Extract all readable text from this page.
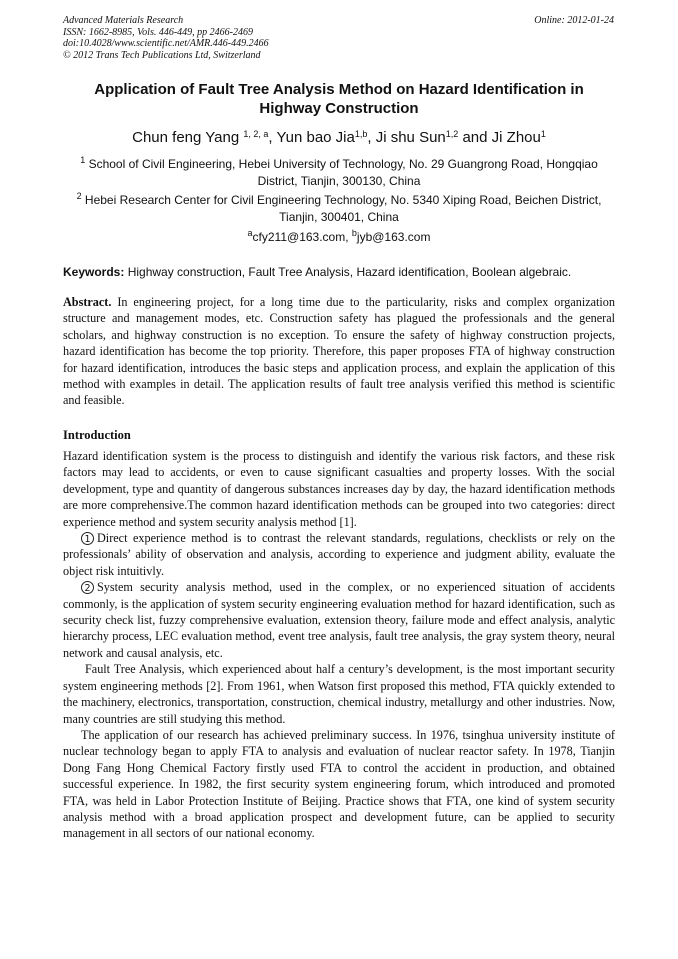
Advanced Materials Research
ISSN: 1662-8985, Vols. 446-449, pp 2466-2469
doi:10.4028/www.scientific.net/AMR.446-449.2466
© 2012 Trans Tech Publications Ltd, Switzerland
Online: 2012-01-24
Application of Fault Tree Analysis Method on Hazard Identification in Highway Construction
Chun feng Yang $^{1, 2, a}$, Yun bao Jia$^{1,b}$, Ji shu Sun$^{1,2}$ and Ji Zhou$^1$
$^1$ School of Civil Engineering, Hebei University of Technology, No. 29 Guangrong Road, Hongqiao District, Tianjin, 300130, China
$^2$ Hebei Research Center for Civil Engineering Technology, No. 5340 Xiping Road, Beichen District, Tianjin, 300401, China
$^a$cfy211@163.com, $^b$jyb@163.com
Keywords: Highway construction, Fault Tree Analysis, Hazard identification, Boolean algebraic.
Abstract. In engineering project, for a long time due to the particularity, risks and complex organization structure and management modes, etc. Construction safety has plagued the professionals and the general scholars, and highway construction is no exception. To ensure the safety of highway construction projects, hazard identification has become the top priority. Therefore, this paper proposes FTA of highway construction for hazard identification, introduces the basic steps and application process, and explain the application of this method with examples in detail. The application results of fault tree analysis verified this method is scientific and feasible.
Introduction

Hazard identification system is the process to distinguish and identify the various risk factors, and these risk factors may lead to accidents, or even to cause significant casualties and property losses. With the social development, type and quantity of dangerous substances increases day by day, the hazard identification methods are more comprehensive.The common hazard identification methods can be grouped into two categories: direct experience method and system security analysis method [1].

1 Direct experience method is to contrast the relevant standards, regulations, checklists or rely on the professionals’ ability of observation and analysis, according to experience and judgment ability, evaluate the object risk intuitivly.

2 System security analysis method, used in the complex, or no experienced situation of accidents commonly, is the application of system security engineering evaluation method for hazard identification, such as security check list, fuzzy comprehensive evaluation, extension theory, failure mode and effect analysis, analytic hierarchy process, LEC evaluation method, event tree analysis, fault tree analysis, the gray system theory, neural network and causal analysis, etc.

Fault Tree Analysis, which experienced about half a century’s development, is the most important security system engineering methods [2]. From 1961, when Watson first proposed this method, FTA quickly extended to the machinery, electronics, transportation, construction, chemical industry, metallurgy and other industries. Now, many countries are still studying this method.

The application of our research has achieved preliminary success. In 1976, tsinghua university institute of nuclear technology began to apply FTA to analysis and evaluation of nuclear reactor safety. In 1978, Tianjin Dong Fang Hong Chemical Factory firstly used FTA to control the accident in production, and obtained successful experience. In 1982, the first security system engineering forum, which introduced and promoted FTA, was held in Labor Protection Institute of Beijing. Practice shows that FTA, one kind of system security analysis method with a broad application prospect and development future, can be applied to security management in all sectors of our national economy.
